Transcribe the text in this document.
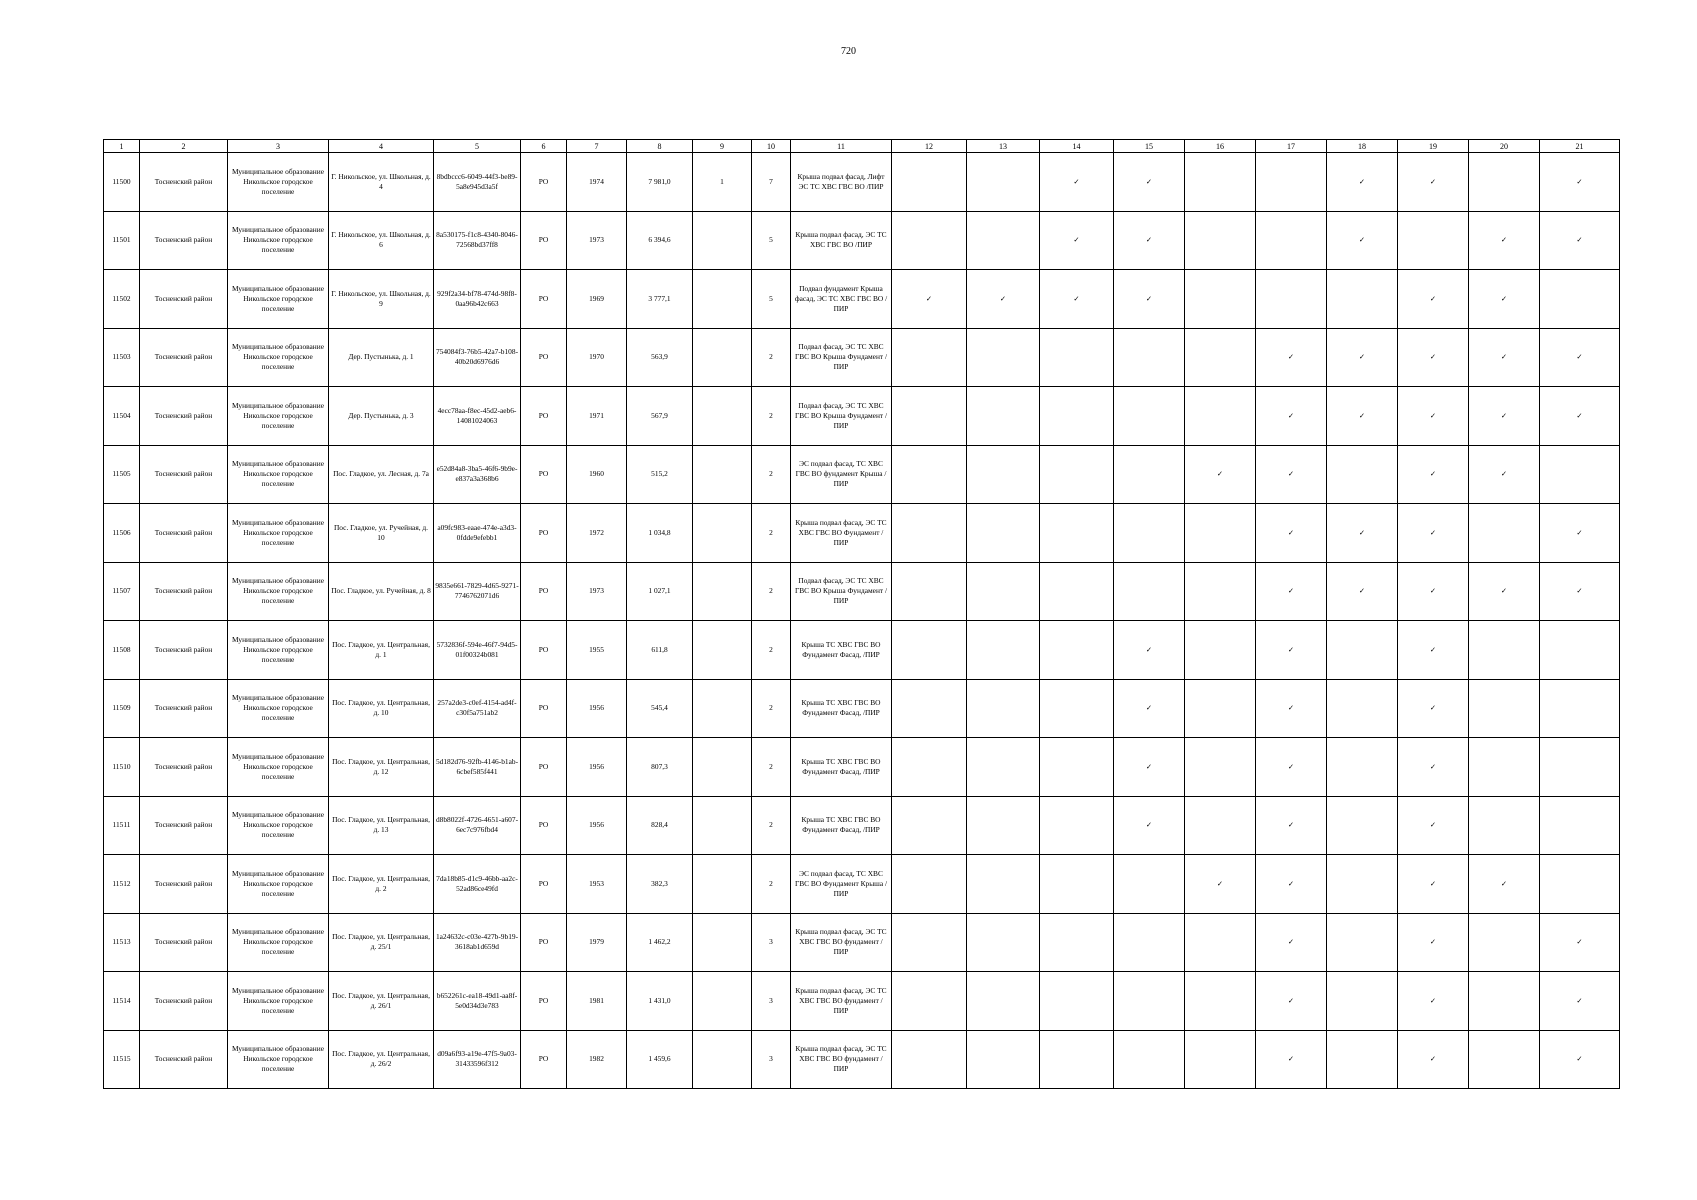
720
1	2	3	4	5	6	7	8	9	10	11	12	13	14	15	16	17	18	19	20	21
11500	Тосненский район	Муниципальное образование Никольское городское поселение	Г. Никольское, ул. Школьная, д. 4	8bdbccc6-6049-44f3-be89-5a8e945d3a5f	РО	1974	7 981,0	1	7	Крыша подвал фасад, Лифт ЭС ТС ХВС ГВС ВО /ПИР			✓	✓			✓	✓		✓
11501	Тосненский район	Муниципальное образование Никольское городское поселение	Г. Никольское, ул. Школьная, д. 6	8a530175-f1c8-4340-8046-72568bd37ff8	РО	1973	6 394,6		5	Крыша подвал фасад, ЭС ТС ХВС ГВС ВО /ПИР			✓	✓			✓		✓	✓
11502	Тосненский район	Муниципальное образование Никольское городское поселение	Г. Никольское, ул. Школьная, д. 9	929f2a34-bf78-474d-98f8-0aa96b42c663	РО	1969	3 777,1		5	Подвал фундамент Крыша фасад, ЭС ТС ХВС ГВС ВО /ПИР	✓	✓	✓	✓				✓	✓	
11503	Тосненский район	Муниципальное образование Никольское городское поселение	Дер. Пустынька, д. 1	754084f3-76b5-42a7-b108-40b20d6976d6	РО	1970	563,9		2	Подвал фасад, ЭС ТС ХВС ГВС ВО Крыша Фундамент /ПИР						✓	✓	✓	✓	✓
11504	Тосненский район	Муниципальное образование Никольское городское поселение	Дер. Пустынька, д. 3	4ecc78aa-f8ec-45d2-aeb6-14081024063	РО	1971	567,9		2	Подвал фасад, ЭС ТС ХВС ГВС ВО Крыша Фундамент /ПИР						✓	✓	✓	✓	✓
11505	Тосненский район	Муниципальное образование Никольское городское поселение	Пос. Гладкое, ул. Лесная, д. 7а	e52d84a8-3ba5-46f6-9b9e-e837a3a368b6	РО	1960	515,2		2	ЭС подвал фасад, ТС ХВС ГВС ВО фундамент Крыша /ПИР					✓	✓		✓	✓	
11506	Тосненский район	Муниципальное образование Никольское городское поселение	Пос. Гладкое, ул. Ручейная, д. 10	a09fc983-eaae-474e-a3d3-0fdde9efebb1	РО	1972	1 034,8		2	Крыша подвал фасад, ЭС ТС ХВС ГВС ВО Фундамент /ПИР						✓	✓	✓		✓
11507	Тосненский район	Муниципальное образование Никольское городское поселение	Пос. Гладкое, ул. Ручейная, д. 8	9835e661-7829-4d65-9271-7746762071d6	РО	1973	1 027,1		2	Подвал фасад, ЭС ТС ХВС ГВС ВО Крыша Фундамент /ПИР						✓	✓	✓	✓	✓
11508	Тосненский район	Муниципальное образование Никольское городское поселение	Пос. Гладкое, ул. Центральная, д. 1	5732836f-594e-46f7-94d5-01f00324b081	РО	1955	611,8		2	Крыша ТС ХВС ГВС ВО Фундамент Фасад, /ПИР				✓		✓		✓		
11509	Тосненский район	Муниципальное образование Никольское городское поселение	Пос. Гладкое, ул. Центральная, д. 10	257a2de3-c0ef-4154-ad4f-c30f5a751ab2	РО	1956	545,4		2	Крыша ТС ХВС ГВС ВО Фундамент Фасад, /ПИР				✓		✓		✓		
11510	Тосненский район	Муниципальное образование Никольское городское поселение	Пос. Гладкое, ул. Центральная, д. 12	5d182d76-92fb-4146-b1ab-6cbef585f441	РО	1956	807,3		2	Крыша ТС ХВС ГВС ВО Фундамент Фасад, /ПИР				✓		✓		✓		
11511	Тосненский район	Муниципальное образование Никольское городское поселение	Пос. Гладкое, ул. Центральная, д. 13	d8b8022f-4726-4651-a607-6ec7c976fbd4	РО	1956	828,4		2	Крыша ТС ХВС ГВС ВО Фундамент Фасад, /ПИР				✓		✓		✓		
11512	Тосненский район	Муниципальное образование Никольское городское поселение	Пос. Гладкое, ул. Центральная, д. 2	7da18b85-d1c9-46bb-aa2c-52ad86ce49fd	РО	1953	382,3		2	ЭС подвал фасад, ТС ХВС ГВС ВО Фундамент Крыша /ПИР					✓	✓		✓	✓	
11513	Тосненский район	Муниципальное образование Никольское городское поселение	Пос. Гладкое, ул. Центральная, д. 25/1	1a24632c-c03e-427b-9b19-3618ab1d659d	РО	1979	1 462,2		3	Крыша подвал фасад, ЭС ТС ХВС ГВС ВО фундамент /ПИР						✓		✓		✓
11514	Тосненский район	Муниципальное образование Никольское городское поселение	Пос. Гладкое, ул. Центральная, д. 26/1	b652261c-ea18-49d1-aa8f-5e0d34d3e783	РО	1981	1 431,0		3	Крыша подвал фасад, ЭС ТС ХВС ГВС ВО фундамент /ПИР						✓		✓		✓
11515	Тосненский район	Муниципальное образование Никольское городское поселение	Пос. Гладкое, ул. Центральная, д. 26/2	d09a6f93-a19e-47f5-9a03-31433596f312	РО	1982	1 459,6		3	Крыша подвал фасад, ЭС ТС ХВС ГВС ВО фундамент /ПИР						✓		✓		✓
